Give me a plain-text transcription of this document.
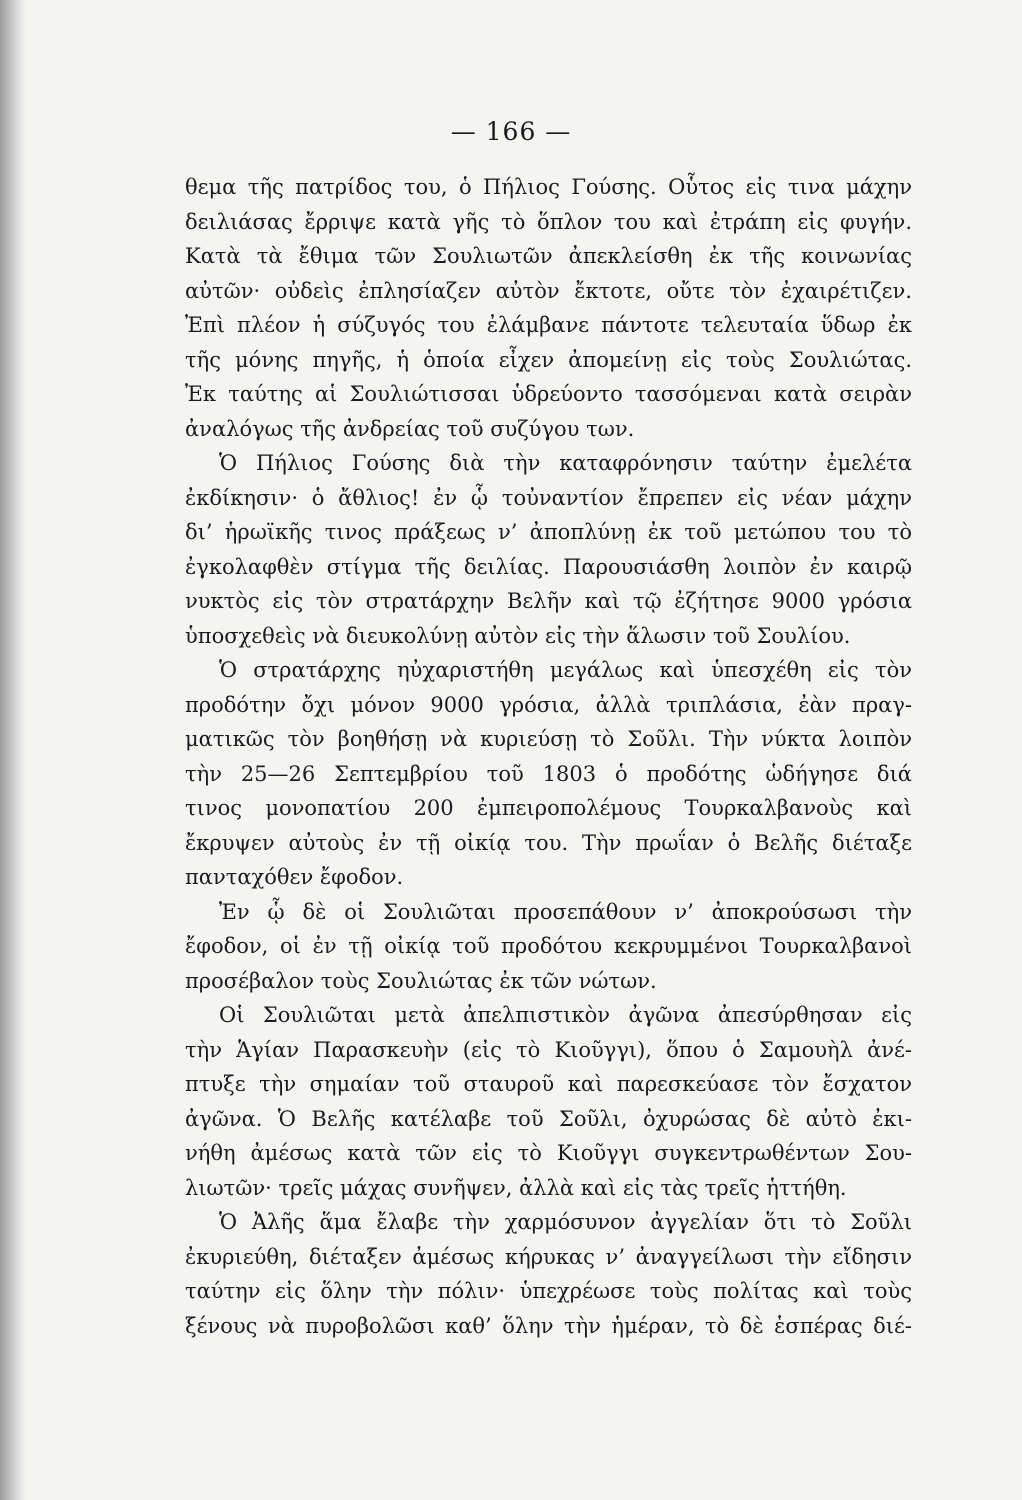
— 166 —
θεμα τῆς πατρίδος του, ὁ Πήλιος Γούσης. Οὗτος εἰς τινα μάχην
δειλιάσας ἔρριψε κατὰ γῆς τὸ ὅπλον του καὶ ἐτράπη εἰς φυγήν.
Κατὰ τὰ ἔθιμα τῶν Σουλιωτῶν ἀπεκλείσθη ἐκ τῆς κοινωνίας
αὐτῶν· οὐδεὶς ἐπλησίαζεν αὐτὸν ἔκτοτε, οὔτε τὸν ἐχαιρέτιζεν.
Ἐπὶ πλέον ἡ σύζυγός του ἐλάμβανε πάντοτε τελευταία ὕδωρ ἐκ
τῆς μόνης πηγῆς, ἡ ὁποία εἶχεν ἀπομείνῃ εἰς τοὺς Σουλιώτας.
Ἐκ ταύτης αἱ Σουλιώτισσαι ὑδρεύοντο τασσόμεναι κατὰ σειρὰν
ἀναλόγως τῆς ἀνδρείας τοῦ συζύγου των.
Ὁ Πήλιος Γούσης διὰ τὴν καταφρόνησιν ταύτην ἐμελέτα
ἐκδίκησιν· ὁ ἄθλιος! ἐν ᾧ τοὐναντίον ἔπρεπεν εἰς νέαν μάχην
δι’ ἡρωϊκῆς τινος πράξεως ν’ ἀποπλύνῃ ἐκ τοῦ μετώπου του τὸ
ἐγκολαφθὲν στίγμα τῆς δειλίας. Παρουσιάσθη λοιπὸν ἐν καιρῷ
νυκτὸς εἰς τὸν στρατάρχην Βελῆν καὶ τῷ ἐζήτησε 9000 γρόσια
ὑποσχεθεὶς νὰ διευκολύνῃ αὐτὸν εἰς τὴν ἅλωσιν τοῦ Σουλίου.
Ὁ στρατάρχης ηὐχαριστήθη μεγάλως καὶ ὑπεσχέθη εἰς τὸν
προδότην ὄχι μόνον 9000 γρόσια, ἀλλὰ τριπλάσια, ἐὰν πραγ-
ματικῶς τὸν βοηθήσῃ νὰ κυριεύσῃ τὸ Σοῦλι. Τὴν νύκτα λοιπὸν
τὴν 25—26 Σεπτεμβρίου τοῦ 1803 ὁ προδότης ὡδήγησε διά
τινος μονοπατίου 200 ἐμπειροπολέμους Τουρκαλβανοὺς καὶ
ἔκρυψεν αὐτοὺς ἐν τῇ οἰκίᾳ του. Τὴν πρωΐαν ὁ Βελῆς διέταξε
πανταχόθεν ἔφοδον.
Ἐν ᾧ δὲ οἱ Σουλιῶται προσεπάθουν ν’ ἀποκρούσωσι τὴν
ἔφοδον, οἱ ἐν τῇ οἰκίᾳ τοῦ προδότου κεκρυμμένοι Τουρκαλβανοὶ
προσέβαλον τοὺς Σουλιώτας ἐκ τῶν νώτων.
Οἱ Σουλιῶται μετὰ ἀπελπιστικὸν ἀγῶνα ἀπεσύρθησαν εἰς
τὴν Ἁγίαν Παρασκευὴν (εἰς τὸ Κιοῦγγι), ὅπου ὁ Σαμουὴλ ἀνέ-
πτυξε τὴν σημαίαν τοῦ σταυροῦ καὶ παρεσκεύασε τὸν ἔσχατον
ἀγῶνα. Ὁ Βελῆς κατέλαβε τοῦ Σοῦλι, ὀχυρώσας δὲ αὐτὸ ἐκι-
νήθη ἀμέσως κατὰ τῶν εἰς τὸ Κιοῦγγι συγκεντρωθέντων Σου-
λιωτῶν· τρεῖς μάχας συνῆψεν, ἀλλὰ καὶ εἰς τὰς τρεῖς ἡττήθη.
Ὁ Ἀλῆς ἅμα ἔλαβε τὴν χαρμόσυνον ἀγγελίαν ὅτι τὸ Σοῦλι
ἐκυριεύθη, διέταξεν ἀμέσως κήρυκας ν’ ἀναγγείλωσι τὴν εἴδησιν
ταύτην εἰς ὅλην τὴν πόλιν· ὑπεχρέωσε τοὺς πολίτας καὶ τοὺς
ξένους νὰ πυροβολῶσι καθ’ ὅλην τὴν ἡμέραν, τὸ δὲ ἑσπέρας διέ-
